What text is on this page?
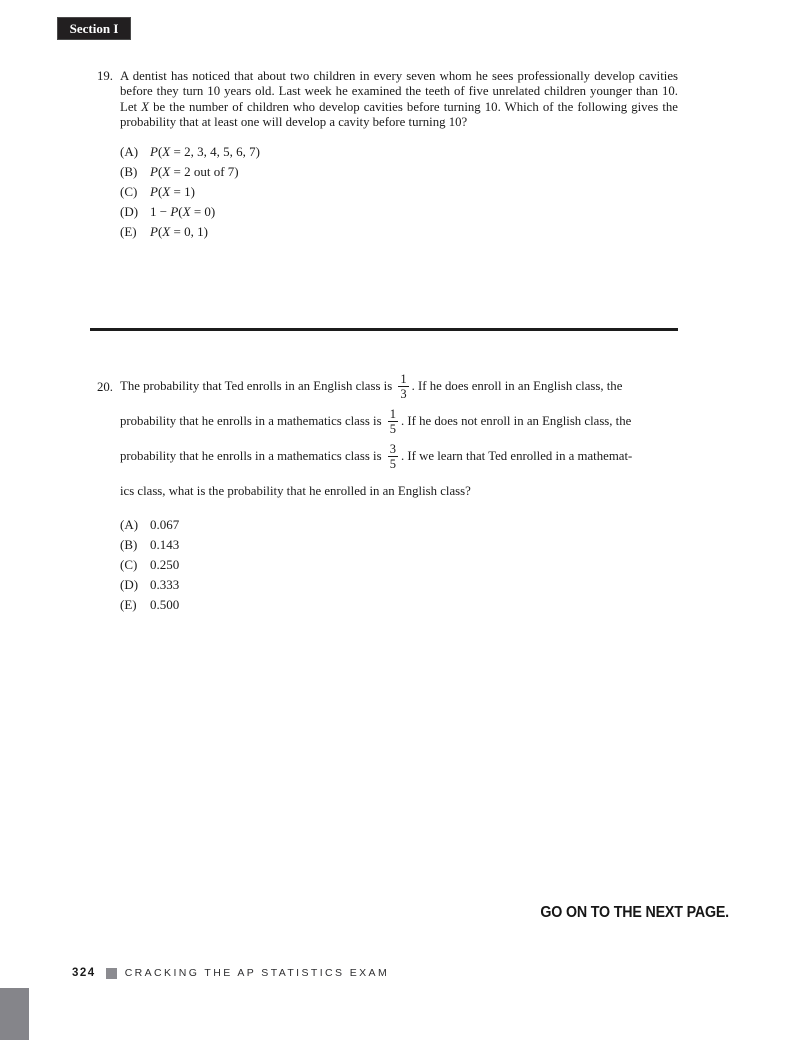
Section I
19. A dentist has noticed that about two children in every seven whom he sees professionally develop cavities before they turn 10 years old. Last week he examined the teeth of five unrelated children younger than 10. Let X be the number of children who develop cavities before turning 10. Which of the following gives the probability that at least one will develop a cavity before turning 10?
(A) P(X = 2, 3, 4, 5, 6, 7)
(B) P(X = 2 out of 7)
(C) P(X = 1)
(D) 1 − P(X = 0)
(E)	P(X = 0, 1)
20. The probability that Ted enrolls in an English class is $\frac{1}{3}$ . If he does enroll in an English class, the
probability that he enrolls in a mathematics class is $\frac{1}{5}$ . If he does not enroll in an English class, the
probability that he enrolls in a mathematics class is $\frac{3}{5}$ . If we learn that Ted enrolled in a mathemat-
ics class, what is the probability that he enrolled in an English class?
(A) 0.067
(B) 0.143
(C) 0.250
(D) 0.333
(E)	0.500
GO ON TO THE NEXT PAGE.
324	CRACKING THE AP STATISTICS EXAM
